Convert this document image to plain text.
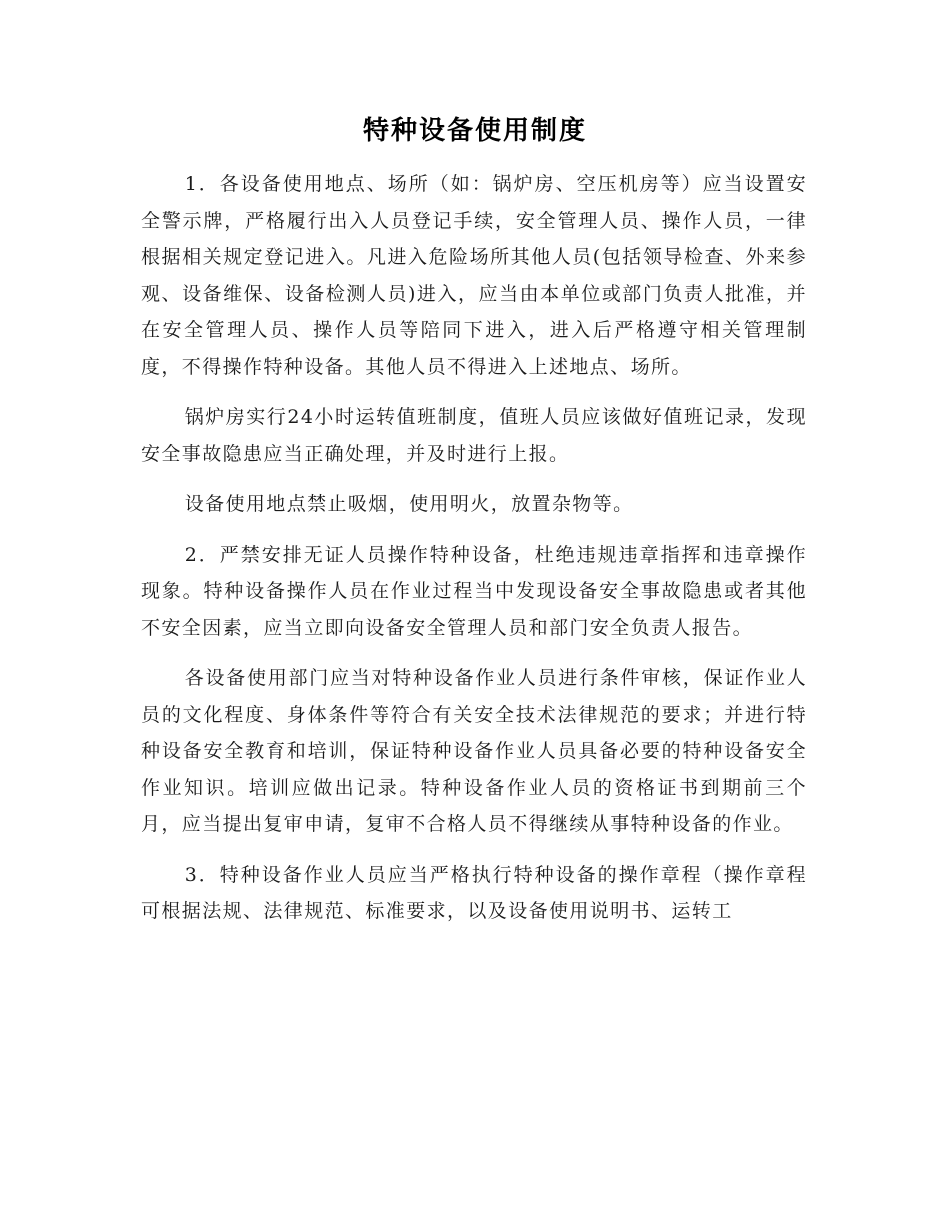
特种设备使用制度

1．各设备使用地点、场所（如：锅炉房、空压机房等）应当设置安全警示牌，严格履行出入人员登记手续，安全管理人员、操作人员，一律根据相关规定登记进入。凡进入危险场所其他人员(包括领导检查、外来参观、设备维保、设备检测人员)进入，应当由本单位或部门负责人批准，并在安全管理人员、操作人员等陪同下进入，进入后严格遵守相关管理制度，不得操作特种设备。其他人员不得进入上述地点、场所。

锅炉房实行24小时运转值班制度，值班人员应该做好值班记录，发现安全事故隐患应当正确处理，并及时进行上报。

设备使用地点禁止吸烟，使用明火，放置杂物等。

2．严禁安排无证人员操作特种设备，杜绝违规违章指挥和违章操作现象。特种设备操作人员在作业过程当中发现设备安全事故隐患或者其他不安全因素，应当立即向设备安全管理人员和部门安全负责人报告。

各设备使用部门应当对特种设备作业人员进行条件审核，保证作业人员的文化程度、身体条件等符合有关安全技术法律规范的要求；并进行特种设备安全教育和培训，保证特种设备作业人员具备必要的特种设备安全作业知识。培训应做出记录。特种设备作业人员的资格证书到期前三个月，应当提出复审申请，复审不合格人员不得继续从事特种设备的作业。

3．特种设备作业人员应当严格执行特种设备的操作章程（操作章程可根据法规、法律规范、标准要求，以及设备使用说明书、运转工
